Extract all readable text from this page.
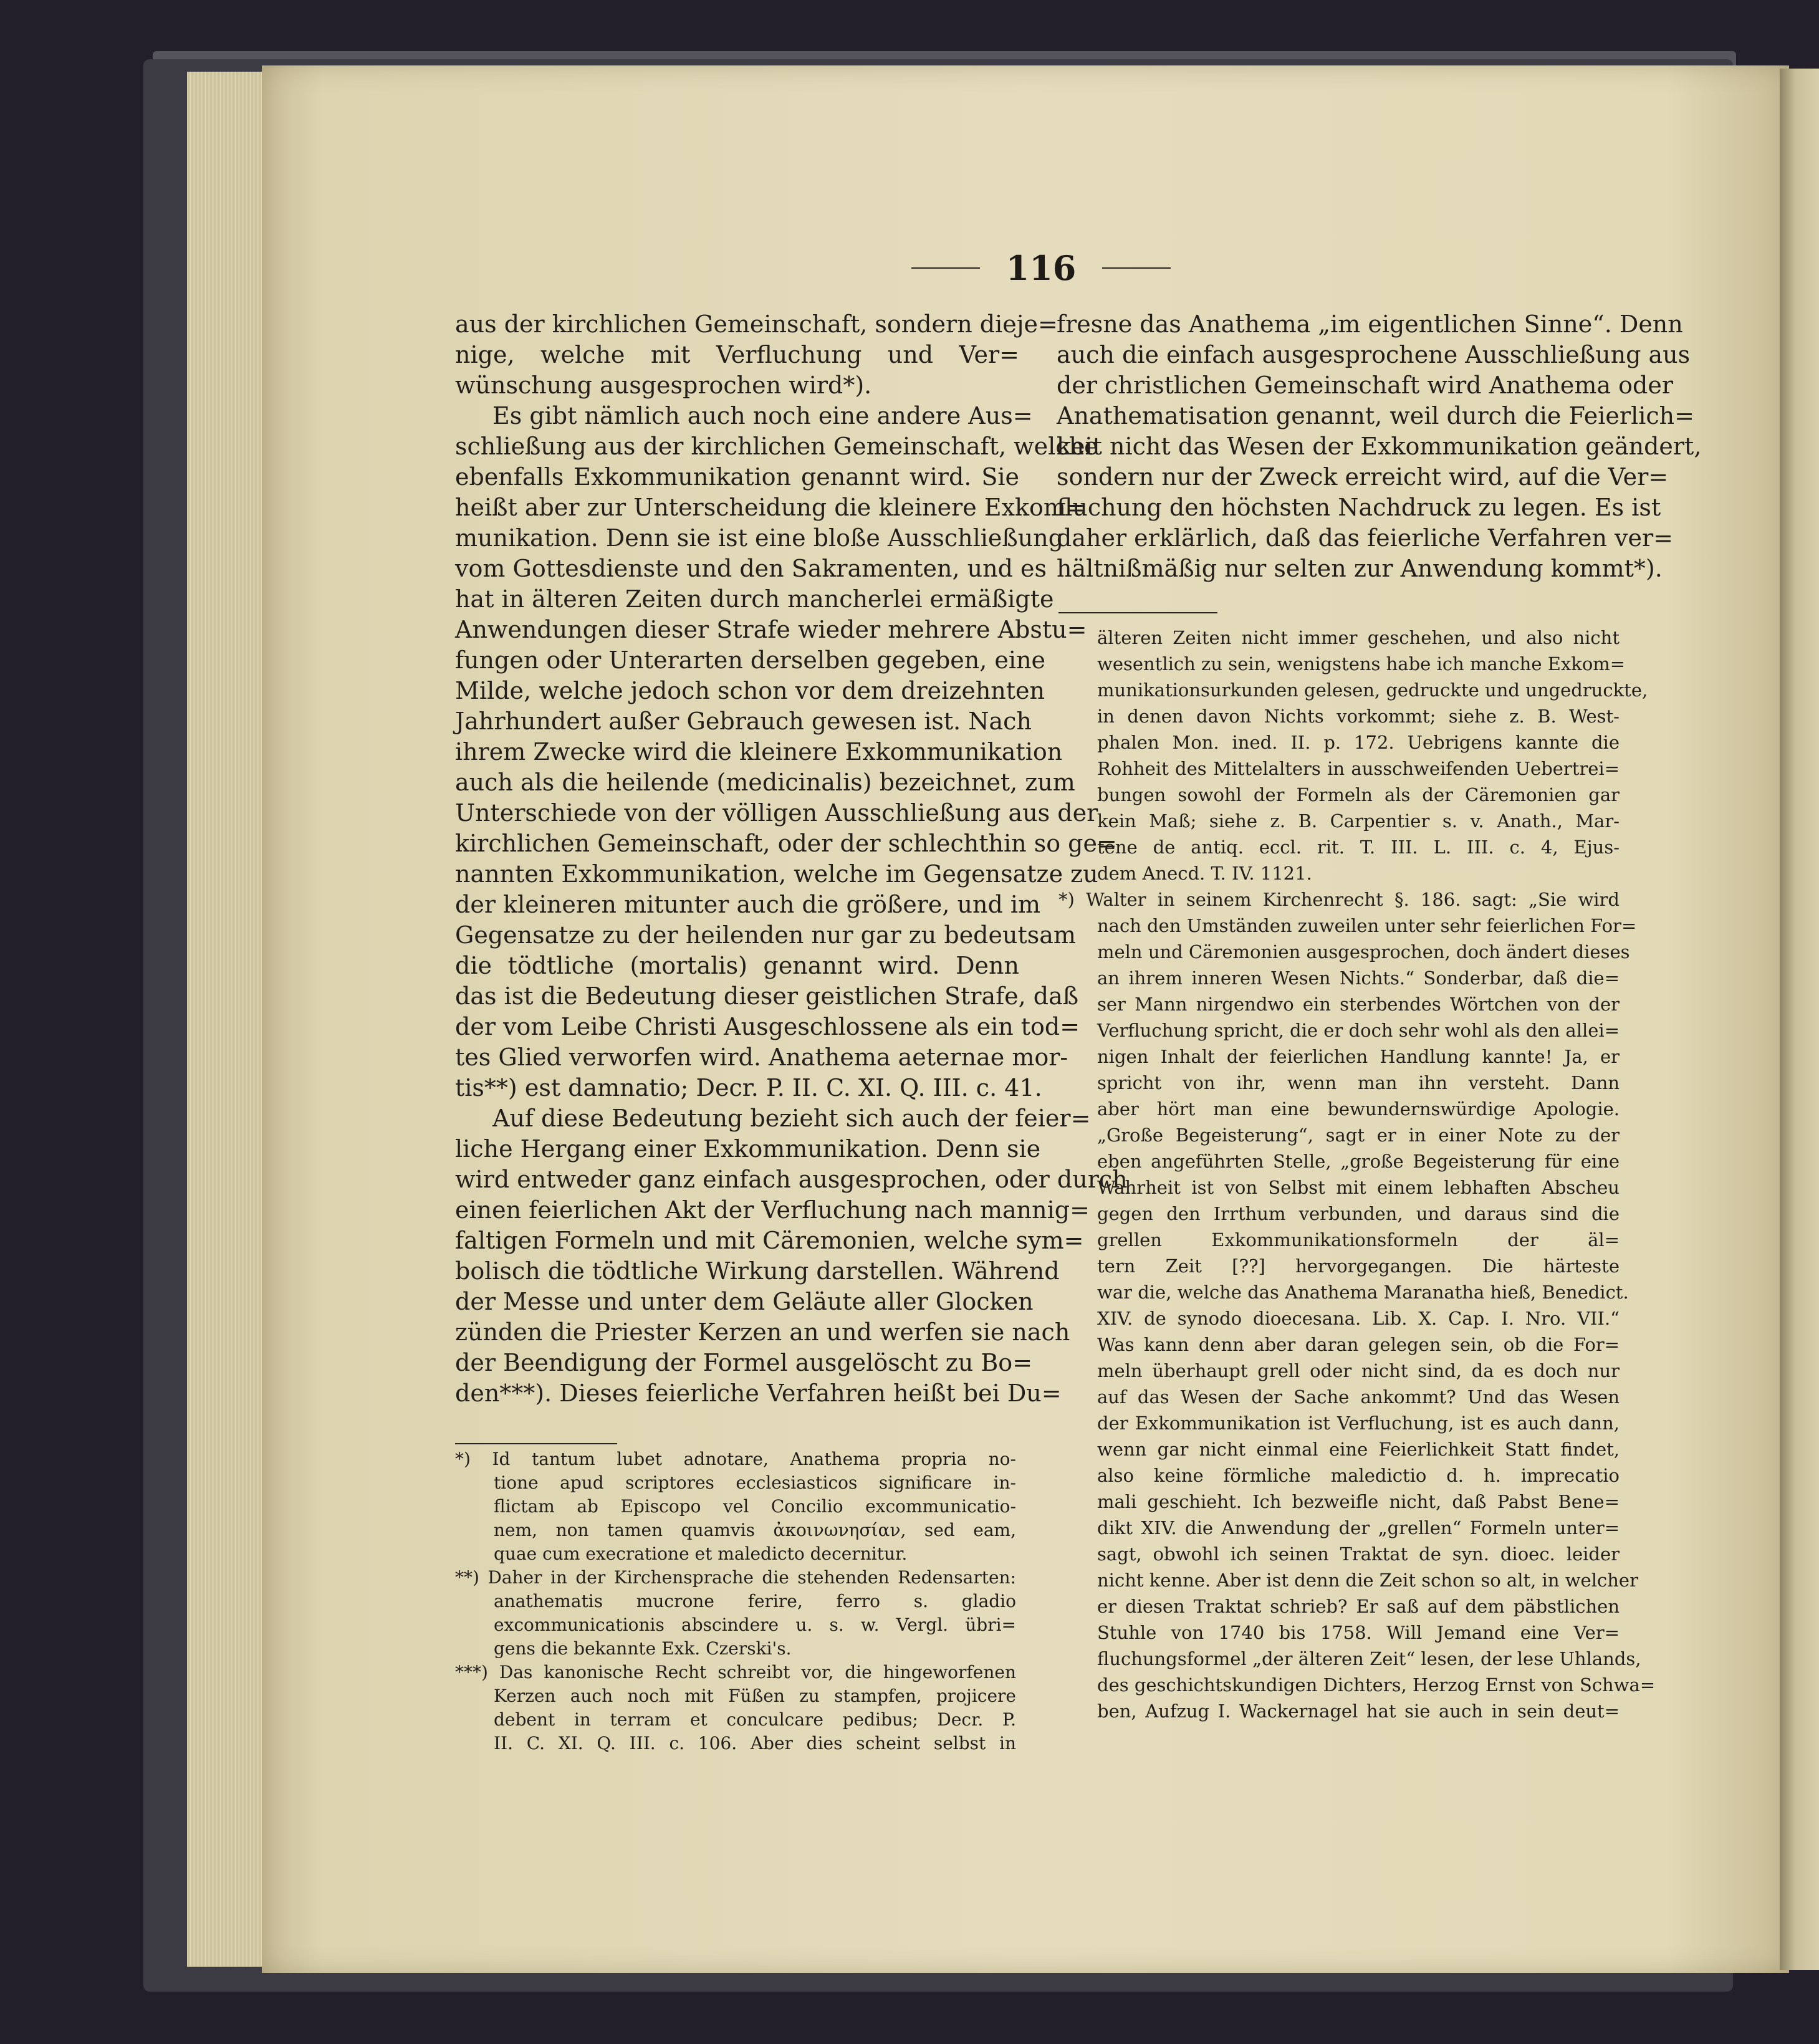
116
aus der kirchlichen Gemeinschaft, sondern dieje=
nige, welche mit Verfluchung und Ver=
wünschung ausgesprochen wird*).
Es gibt nämlich auch noch eine andere Aus=
schließung aus der kirchlichen Gemeinschaft, welche
ebenfalls Exkommunikation genannt wird. Sie
heißt aber zur Unterscheidung die kleinere Exkom=
munikation. Denn sie ist eine bloße Ausschließung
vom Gottesdienste und den Sakramenten, und es
hat in älteren Zeiten durch mancherlei ermäßigte
Anwendungen dieser Strafe wieder mehrere Abstu=
fungen oder Unterarten derselben gegeben, eine
Milde, welche jedoch schon vor dem dreizehnten
Jahrhundert außer Gebrauch gewesen ist. Nach
ihrem Zwecke wird die kleinere Exkommunikation
auch als die heilende (medicinalis) bezeichnet, zum
Unterschiede von der völligen Ausschließung aus der
kirchlichen Gemeinschaft, oder der schlechthin so ge=
nannten Exkommunikation, welche im Gegensatze zu
der kleineren mitunter auch die größere, und im
Gegensatze zu der heilenden nur gar zu bedeutsam
die tödtliche (mortalis) genannt wird. Denn
das ist die Bedeutung dieser geistlichen Strafe, daß
der vom Leibe Christi Ausgeschlossene als ein tod=
tes Glied verworfen wird. Anathema aeternae mor-
tis**) est damnatio; Decr. P. II. C. XI. Q. III. c. 41.
Auf diese Bedeutung bezieht sich auch der feier=
liche Hergang einer Exkommunikation. Denn sie
wird entweder ganz einfach ausgesprochen, oder durch
einen feierlichen Akt der Verfluchung nach mannig=
faltigen Formeln und mit Cäremonien, welche sym=
bolisch die tödtliche Wirkung darstellen. Während
der Messe und unter dem Geläute aller Glocken
zünden die Priester Kerzen an und werfen sie nach
der Beendigung der Formel ausgelöscht zu Bo=
den***). Dieses feierliche Verfahren heißt bei Du=
*) Id tantum lubet adnotare, Anathema propria no-
tione apud scriptores ecclesiasticos significare in-
flictam ab Episcopo vel Concilio excommunicatio-
nem, non tamen quamvis ἀκοινωνησίαν, sed eam,
quae cum execratione et maledicto decernitur.
**) Daher in der Kirchensprache die stehenden Redensarten:
anathematis mucrone ferire, ferro s. gladio
excommunicationis abscindere u. s. w. Vergl. übri=
gens die bekannte Exk. Czerski's.
***) Das kanonische Recht schreibt vor, die hingeworfenen
Kerzen auch noch mit Füßen zu stampfen, projicere
debent in terram et conculcare pedibus; Decr. P.
II. C. XI. Q. III. c. 106. Aber dies scheint selbst in
fresne das Anathema „im eigentlichen Sinne“. Denn
auch die einfach ausgesprochene Ausschließung aus
der christlichen Gemeinschaft wird Anathema oder
Anathematisation genannt, weil durch die Feierlich=
keit nicht das Wesen der Exkommunikation geändert,
sondern nur der Zweck erreicht wird, auf die Ver=
fluchung den höchsten Nachdruck zu legen. Es ist
daher erklärlich, daß das feierliche Verfahren ver=
hältnißmäßig nur selten zur Anwendung kommt*).
älteren Zeiten nicht immer geschehen, und also nicht
wesentlich zu sein, wenigstens habe ich manche Exkom=
munikationsurkunden gelesen, gedruckte und ungedruckte,
in denen davon Nichts vorkommt; siehe z. B. West-
phalen Mon. ined. II. p. 172. Uebrigens kannte die
Rohheit des Mittelalters in ausschweifenden Uebertrei=
bungen sowohl der Formeln als der Cäremonien gar
kein Maß; siehe z. B. Carpentier s. v. Anath., Mar-
tene de antiq. eccl. rit. T. III. L. III. c. 4, Ejus-
dem Anecd. T. IV. 1121.
*) Walter in seinem Kirchenrecht §. 186. sagt: „Sie wird
nach den Umständen zuweilen unter sehr feierlichen For=
meln und Cäremonien ausgesprochen, doch ändert dieses
an ihrem inneren Wesen Nichts.“ Sonderbar, daß die=
ser Mann nirgendwo ein sterbendes Wörtchen von der
Verfluchung spricht, die er doch sehr wohl als den allei=
nigen Inhalt der feierlichen Handlung kannte! Ja, er
spricht von ihr, wenn man ihn versteht. Dann
aber hört man eine bewundernswürdige Apologie.
„Große Begeisterung“, sagt er in einer Note zu der
eben angeführten Stelle, „große Begeisterung für eine
Wahrheit ist von Selbst mit einem lebhaften Abscheu
gegen den Irrthum verbunden, und daraus sind die
grellen Exkommunikationsformeln der äl=
tern Zeit [??] hervorgegangen. Die härteste
war die, welche das Anathema Maranatha hieß, Benedict.
XIV. de synodo dioecesana. Lib. X. Cap. I. Nro. VII.“
Was kann denn aber daran gelegen sein, ob die For=
meln überhaupt grell oder nicht sind, da es doch nur
auf das Wesen der Sache ankommt? Und das Wesen
der Exkommunikation ist Verfluchung, ist es auch dann,
wenn gar nicht einmal eine Feierlichkeit Statt findet,
also keine förmliche maledictio d. h. imprecatio
mali geschieht. Ich bezweifle nicht, daß Pabst Bene=
dikt XIV. die Anwendung der „grellen“ Formeln unter=
sagt, obwohl ich seinen Traktat de syn. dioec. leider
nicht kenne. Aber ist denn die Zeit schon so alt, in welcher
er diesen Traktat schrieb? Er saß auf dem päbstlichen
Stuhle von 1740 bis 1758. Will Jemand eine Ver=
fluchungsformel „der älteren Zeit“ lesen, der lese Uhlands,
des geschichtskundigen Dichters, Herzog Ernst von Schwa=
ben, Aufzug I. Wackernagel hat sie auch in sein deut=
